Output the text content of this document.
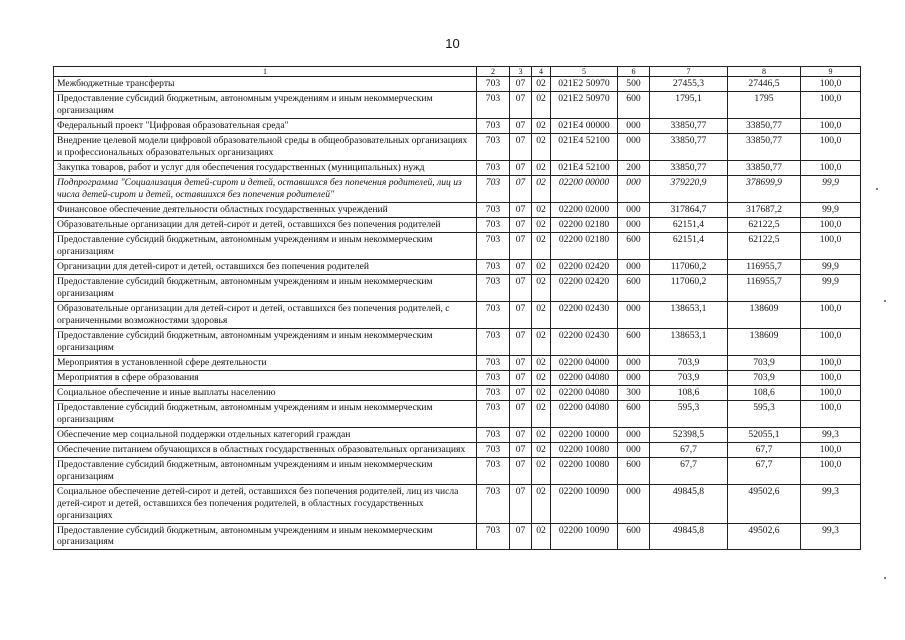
10
1	2	3	4	5	6	7	8	9
Межбюджетные трансферты	703	07	02	021E2 50970	500	27455,3	27446,5	100,0
Предоставление субсидий бюджетным, автономным учреждениям и иным некоммерческим организациям	703	07	02	021E2 50970	600	1795,1	1795	100,0
Федеральный проект "Цифровая образовательная среда"	703	07	02	021E4 00000	000	33850,77	33850,77	100,0
Внедрение целевой модели цифровой образовательной среды в общеобразовательных организациях и профессиональных образовательных организациях	703	07	02	021E4 52100	000	33850,77	33850,77	100,0
Закупка товаров, работ и услуг для обеспечения государственных (муниципальных) нужд	703	07	02	021E4 52100	200	33850,77	33850,77	100,0
Подпрограмма "Социализация детей-сирот и детей, оставшихся без попечения родителей, лиц из числа детей-сирот и детей, оставшихся без попечения родителей"	703	07	02	02200 00000	000	379220,9	378699,9	99,9
Финансовое обеспечение деятельности областных государственных учреждений	703	07	02	02200 02000	000	317864,7	317687,2	99,9
Образовательные организации для детей-сирот и детей, оставшихся без попечения родителей	703	07	02	02200 02180	000	62151,4	62122,5	100,0
Предоставление субсидий бюджетным, автономным учреждениям и иным некоммерческим организациям	703	07	02	02200 02180	600	62151,4	62122,5	100,0
Организации для детей-сирот и детей, оставшихся без попечения родителей	703	07	02	02200 02420	000	117060,2	116955,7	99,9
Предоставление субсидий бюджетным, автономным учреждениям и иным некоммерческим организациям	703	07	02	02200 02420	600	117060,2	116955,7	99,9
Образовательные организации для детей-сирот и детей, оставшихся без попечения родителей, с ограниченными возможностями здоровья	703	07	02	02200 02430	000	138653,1	138609	100,0
Предоставление субсидий бюджетным, автономным учреждениям и иным некоммерческим организациям	703	07	02	02200 02430	600	138653,1	138609	100,0
Мероприятия в установленной сфере деятельности	703	07	02	02200 04000	000	703,9	703,9	100,0
Мероприятия в сфере образования	703	07	02	02200 04080	000	703,9	703,9	100,0
Социальное обеспечение и иные выплаты населению	703	07	02	02200 04080	300	108,6	108,6	100,0
Предоставление субсидий бюджетным, автономным учреждениям и иным некоммерческим организациям	703	07	02	02200 04080	600	595,3	595,3	100,0
Обеспечение мер социальной поддержки отдельных категорий граждан	703	07	02	02200 10000	000	52398,5	52055,1	99,3
Обеспечение питанием обучающихся в областных государственных образовательных организациях	703	07	02	02200 10080	000	67,7	67,7	100,0
Предоставление субсидий бюджетным, автономным учреждениям и иным некоммерческим организациям	703	07	02	02200 10080	600	67,7	67,7	100,0
Социальное обеспечение детей-сирот и детей, оставшихся без попечения родителей, лиц из числа детей-сирот и детей, оставшихся без попечения родителей, в областных государственных организациях	703	07	02	02200 10090	000	49845,8	49502,6	99,3
Предоставление субсидий бюджетным, автономным учреждениям и иным некоммерческим организациям	703	07	02	02200 10090	600	49845,8	49502,6	99,3
